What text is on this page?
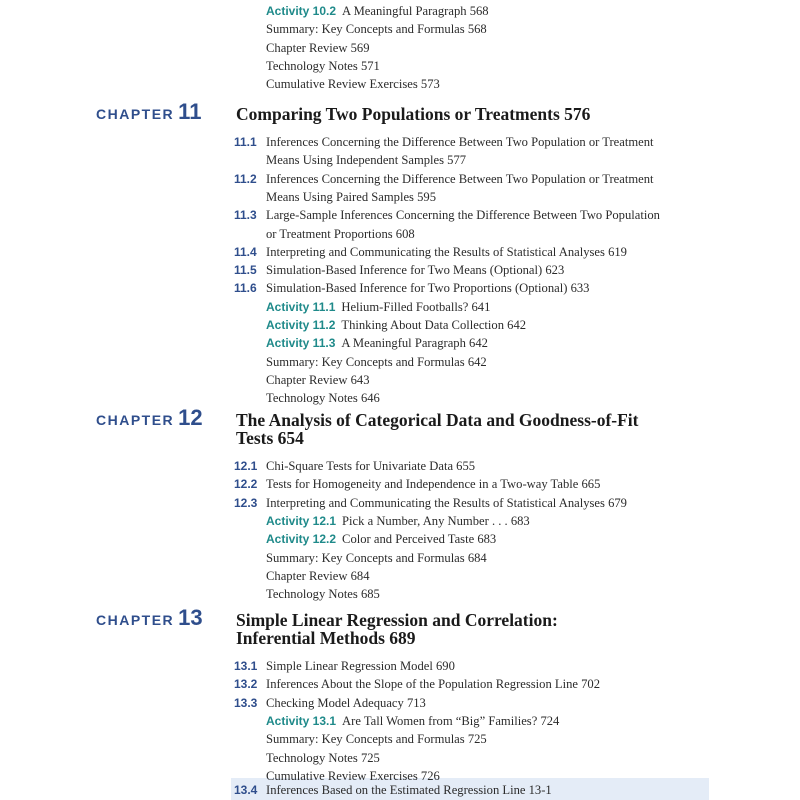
Activity 10.2 A Meaningful Paragraph 568
Summary: Key Concepts and Formulas 568
Chapter Review 569
Technology Notes 571
Cumulative Review Exercises 573
CHAPTER 11 Comparing Two Populations or Treatments 576
11.1 Inferences Concerning the Difference Between Two Population or Treatment
Means Using Independent Samples 577
11.2 Inferences Concerning the Difference Between Two Population or Treatment
Means Using Paired Samples 595
11.3 Large-Sample Inferences Concerning the Difference Between Two Population
or Treatment Proportions 608
11.4 Interpreting and Communicating the Results of Statistical Analyses 619
11.5 Simulation-Based Inference for Two Means (Optional) 623
11.6 Simulation-Based Inference for Two Proportions (Optional) 633
Activity 11.1 Helium-Filled Footballs? 641
Activity 11.2 Thinking About Data Collection 642
Activity 11.3 A Meaningful Paragraph 642
Summary: Key Concepts and Formulas 642
Chapter Review 643
Technology Notes 646
CHAPTER 12 The Analysis of Categorical Data and Goodness-of-Fit
Tests 654
12.1 Chi-Square Tests for Univariate Data 655
12.2 Tests for Homogeneity and Independence in a Two-way Table 665
12.3 Interpreting and Communicating the Results of Statistical Analyses 679
Activity 12.1 Pick a Number, Any Number . . . 683
Activity 12.2 Color and Perceived Taste 683
Summary: Key Concepts and Formulas 684
Chapter Review 684
Technology Notes 685
CHAPTER 13 Simple Linear Regression and Correlation:
Inferential Methods 689
13.1 Simple Linear Regression Model 690
13.2 Inferences About the Slope of the Population Regression Line 702
13.3 Checking Model Adequacy 713
Activity 13.1 Are Tall Women from “Big” Families? 724
Summary: Key Concepts and Formulas 725
Technology Notes 725
Cumulative Review Exercises 726
13.4 Inferences Based on the Estimated Regression Line 13-1
